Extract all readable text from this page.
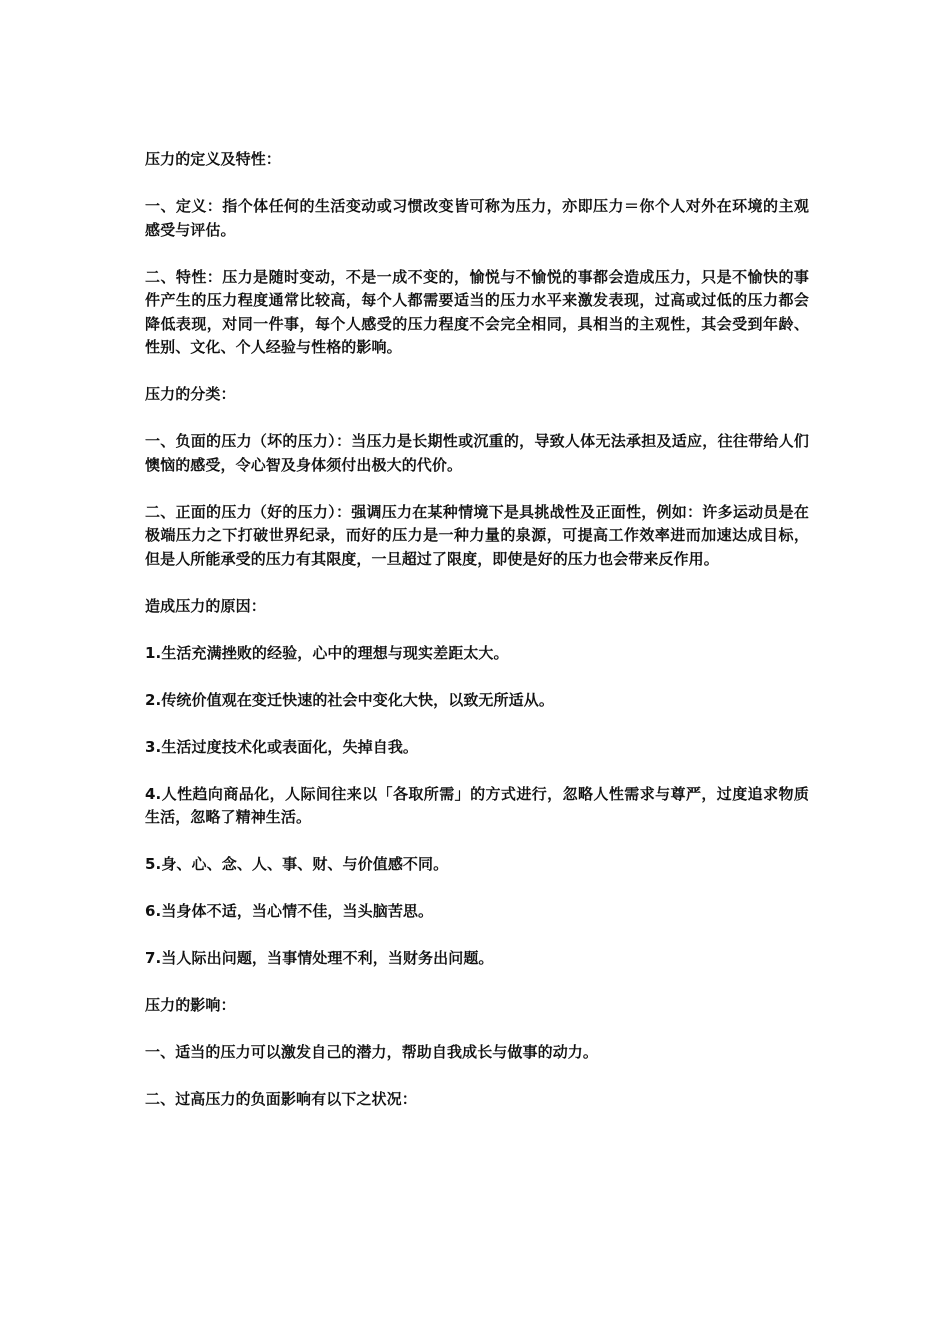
压力的定义及特性：

一、定义：指个体任何的生活变动或习惯改变皆可称为压力，亦即压力＝你个人对外在环境的主观感受与评估。

二、特性：压力是随时变动，不是一成不变的，愉悦与不愉悦的事都会造成压力，只是不愉快的事件产生的压力程度通常比较高，每个人都需要适当的压力水平来激发表现，过高或过低的压力都会降低表现，对同一件事，每个人感受的压力程度不会完全相同，具相当的主观性，其会受到年龄、性别、文化、个人经验与性格的影响。

压力的分类：

一、负面的压力（坏的压力）：当压力是长期性或沉重的，导致人体无法承担及适应，往往带给人们懊恼的感受，令心智及身体须付出极大的代价。

二、正面的压力（好的压力）：强调压力在某种情境下是具挑战性及正面性，例如：许多运动员是在极端压力之下打破世界纪录，而好的压力是一种力量的泉源，可提高工作效率进而加速达成目标，但是人所能承受的压力有其限度，一旦超过了限度，即使是好的压力也会带来反作用。

造成压力的原因：

1.生活充满挫败的经验，心中的理想与现实差距太大。

2.传统价值观在变迁快速的社会中变化大快，以致无所适从。

3.生活过度技术化或表面化，失掉自我。

4.人性趋向商品化，人际间往来以「各取所需」的方式进行，忽略人性需求与尊严，过度追求物质生活，忽略了精神生活。

5.身、心、念、人、事、财、与价值感不同。

6.当身体不适，当心情不佳，当头脑苦思。

7.当人际出问题，当事情处理不利，当财务出问题。

压力的影响：

一、适当的压力可以激发自己的潜力，帮助自我成长与做事的动力。

二、过高压力的负面影响有以下之状况：
